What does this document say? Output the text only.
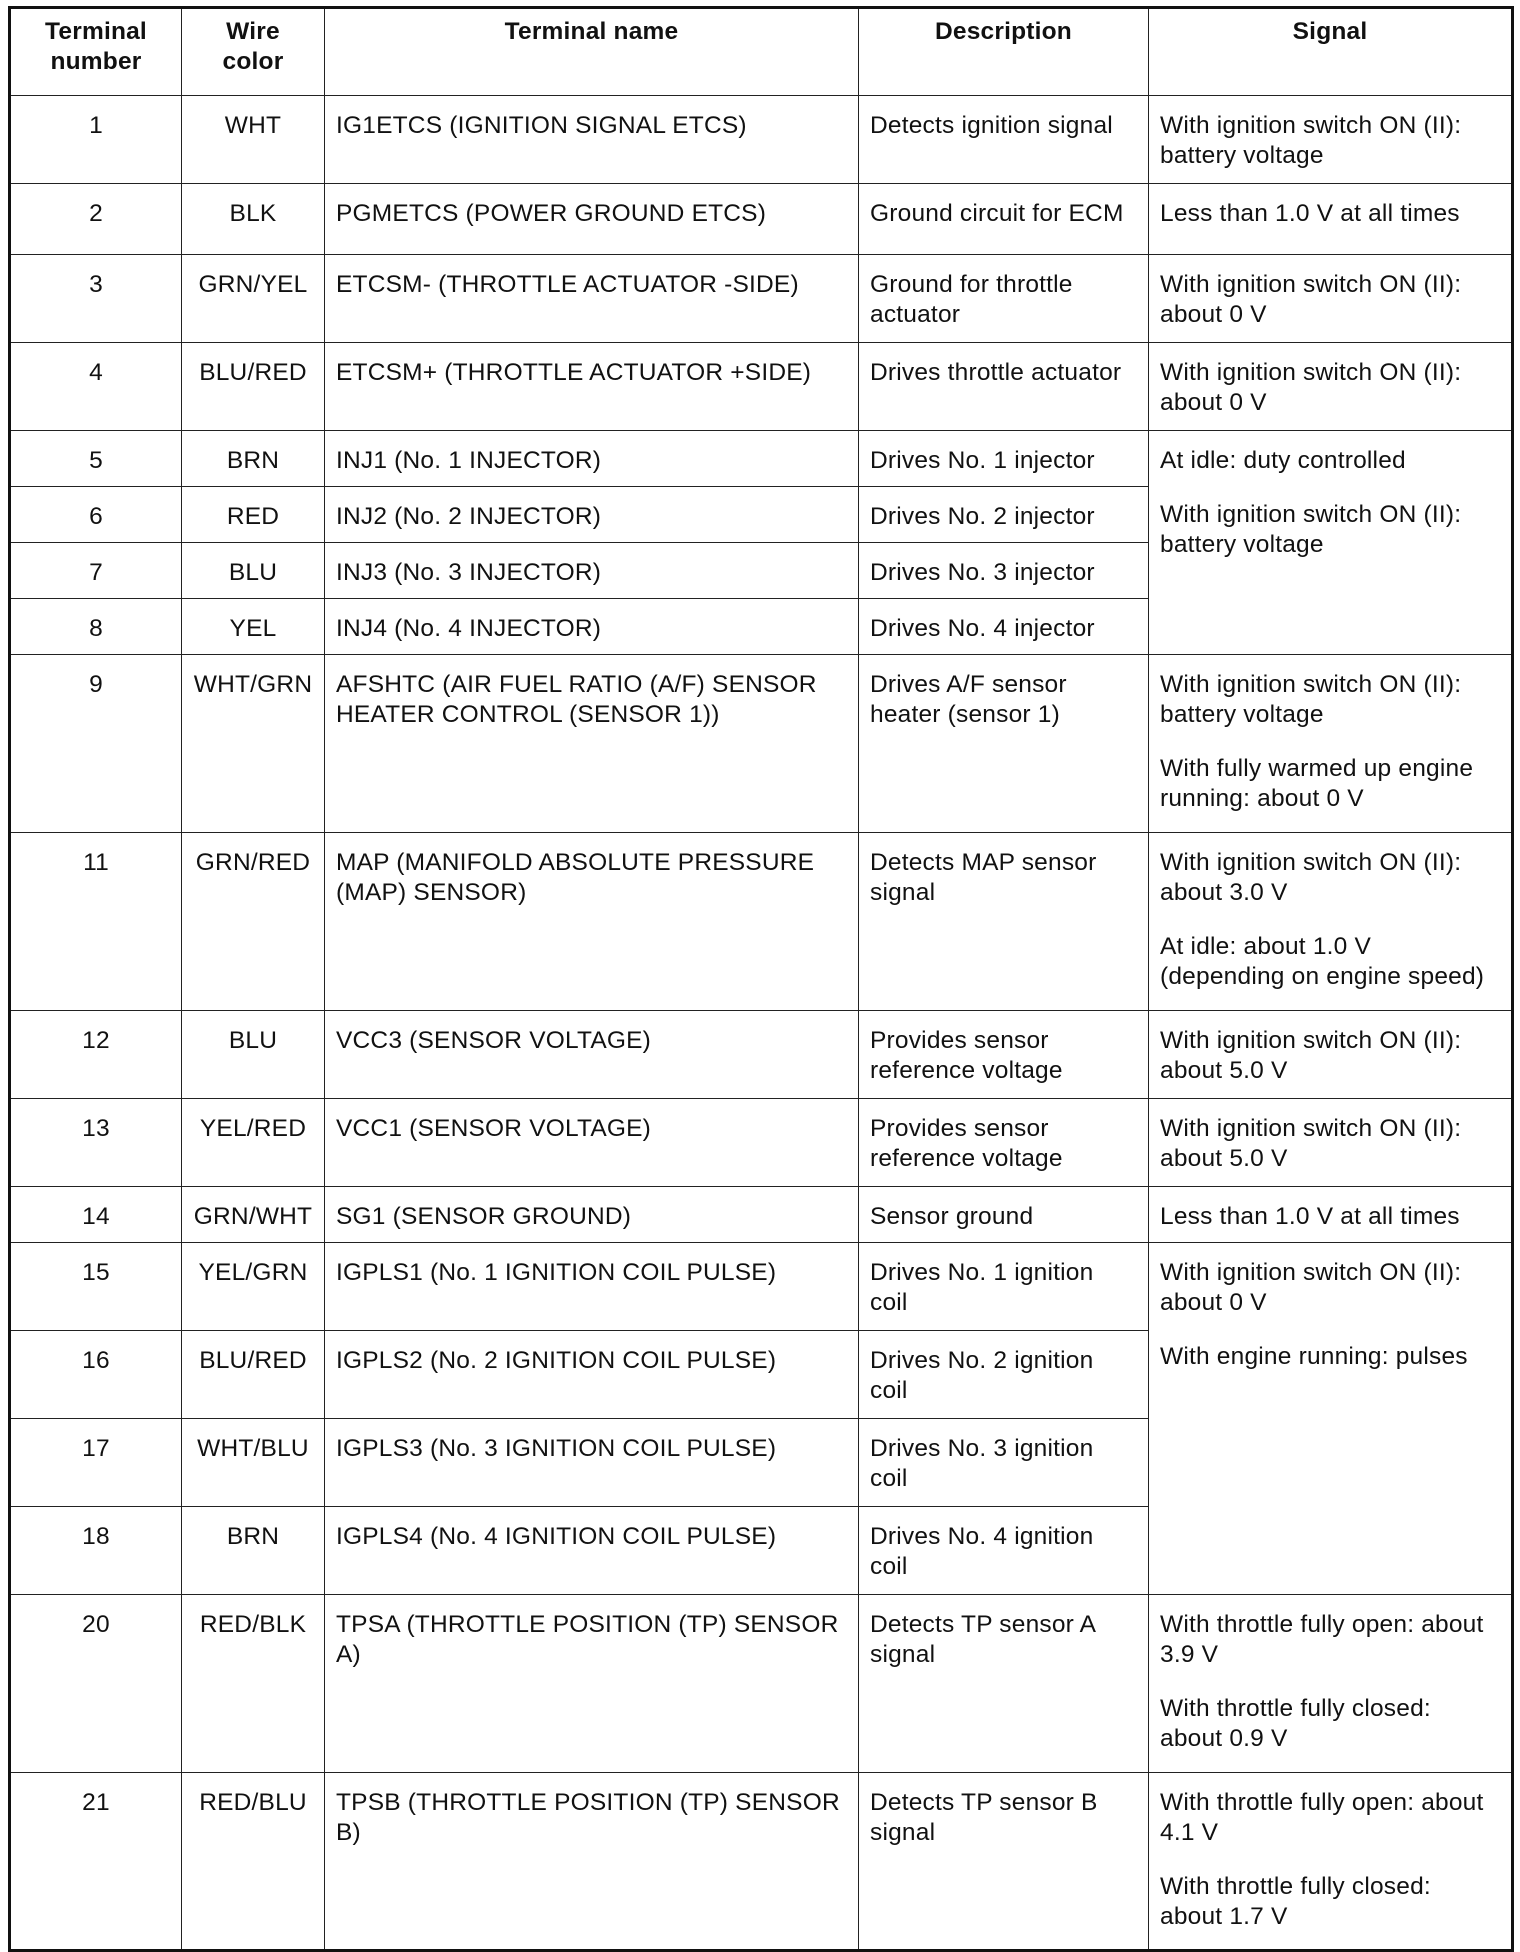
Terminal number	Wire color	Terminal name	Description	Signal
1	WHT	IG1ETCS (IGNITION SIGNAL ETCS)	Detects ignition signal	With ignition switch ON (II): battery voltage

2	BLK	PGMETCS (POWER GROUND ETCS)	Ground circuit for ECM	Less than 1.0 V at all times

3	GRN/YEL	ETCSM- (THROTTLE ACTUATOR -SIDE)	Ground for throttle actuator	With ignition switch ON (II): about 0 V

4	BLU/RED	ETCSM+ (THROTTLE ACTUATOR +SIDE)	Drives throttle actuator	With ignition switch ON (II): about 0 V

5	BRN	INJ1 (No. 1 INJECTOR)	Drives No. 1 injector	At idle: duty controlled
With ignition switch ON (II): battery voltage

6	RED	INJ2 (No. 2 INJECTOR)	Drives No. 2 injector	
7	BLU	INJ3 (No. 3 INJECTOR)	Drives No. 3 injector	
8	YEL	INJ4 (No. 4 INJECTOR)	Drives No. 4 injector	
9	WHT/GRN	AFSHTC (AIR FUEL RATIO (A/F) SENSOR HEATER CONTROL (SENSOR 1))	Drives A/F sensor heater (sensor 1)	With ignition switch ON (II): battery voltage
With fully warmed up engine running: about 0 V

11	GRN/RED	MAP (MANIFOLD ABSOLUTE PRESSURE (MAP) SENSOR)	Detects MAP sensor signal	With ignition switch ON (II): about 3.0 V
At idle: about 1.0 V (depending on engine speed)

12	BLU	VCC3 (SENSOR VOLTAGE)	Provides sensor reference voltage	With ignition switch ON (II): about 5.0 V

13	YEL/RED	VCC1 (SENSOR VOLTAGE)	Provides sensor reference voltage	With ignition switch ON (II): about 5.0 V

14	GRN/WHT	SG1 (SENSOR GROUND)	Sensor ground	Less than 1.0 V at all times

15	YEL/GRN	IGPLS1 (No. 1 IGNITION COIL PULSE)	Drives No. 1 ignition coil	With ignition switch ON (II): about 0 V
With engine running: pulses

16	BLU/RED	IGPLS2 (No. 2 IGNITION COIL PULSE)	Drives No. 2 ignition coil	
17	WHT/BLU	IGPLS3 (No. 3 IGNITION COIL PULSE)	Drives No. 3 ignition coil	
18	BRN	IGPLS4 (No. 4 IGNITION COIL PULSE)	Drives No. 4 ignition coil	
20	RED/BLK	TPSA (THROTTLE POSITION (TP) SENSOR A)	Detects TP sensor A signal	With throttle fully open: about 3.9 V
With throttle fully closed: about 0.9 V

21	RED/BLU	TPSB (THROTTLE POSITION (TP) SENSOR B)	Detects TP sensor B signal	With throttle fully open: about 4.1 V
With throttle fully closed: about 1.7 V
